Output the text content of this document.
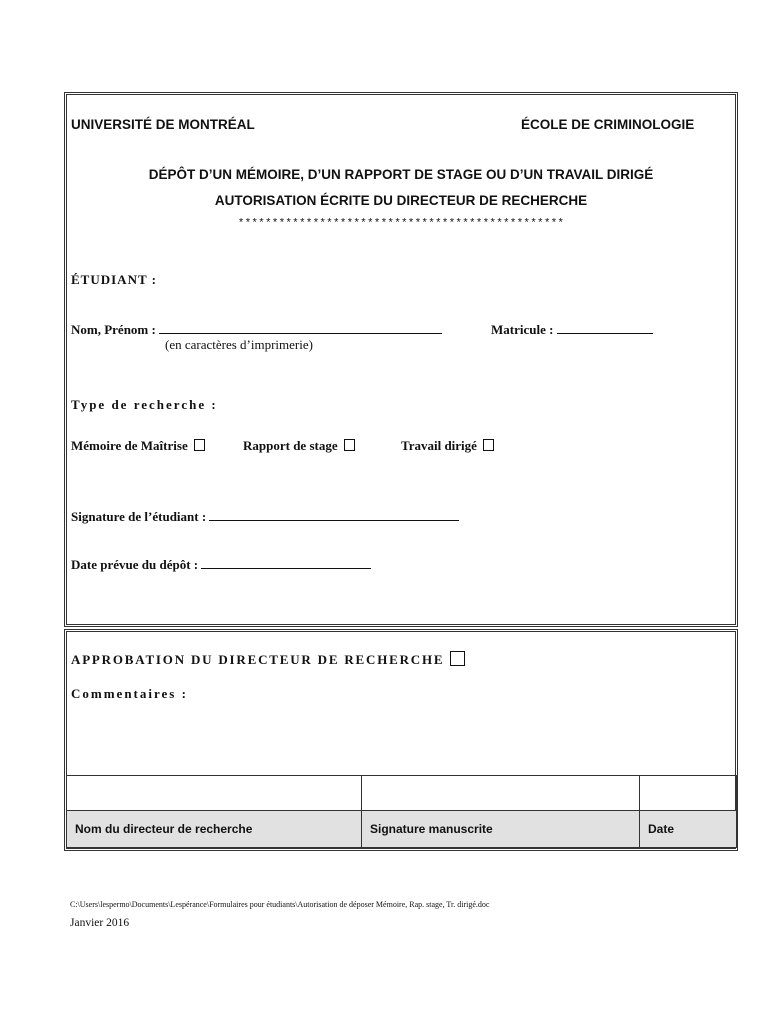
UNIVERSITÉ DE MONTRÉAL	ÉCOLE DE CRIMINOLOGIE
DÉPÔT D’UN MÉMOIRE, D’UN RAPPORT DE STAGE OU D’UN TRAVAIL DIRIGÉ
AUTORISATION ÉCRITE DU DIRECTEUR DE RECHERCHE
************************************************
ÉTUDIANT :
Nom, Prénom :
(en caractères d’imprimerie)
Matricule :
Type de recherche :
Mémoire de Maîtrise	Rapport de stage	Travail dirigé
Signature de l’étudiant :
Date prévue du dépôt :
APPROBATION DU DIRECTEUR DE RECHERCHE
Commentaires :

Nom du directeur de recherche	Signature manuscrite	Date
C:\Users\lespermo\Documents\Lespérance\Formulaires pour étudiants\Autorisation de déposer Mémoire, Rap. stage, Tr. dirigé.doc
Janvier 2016
